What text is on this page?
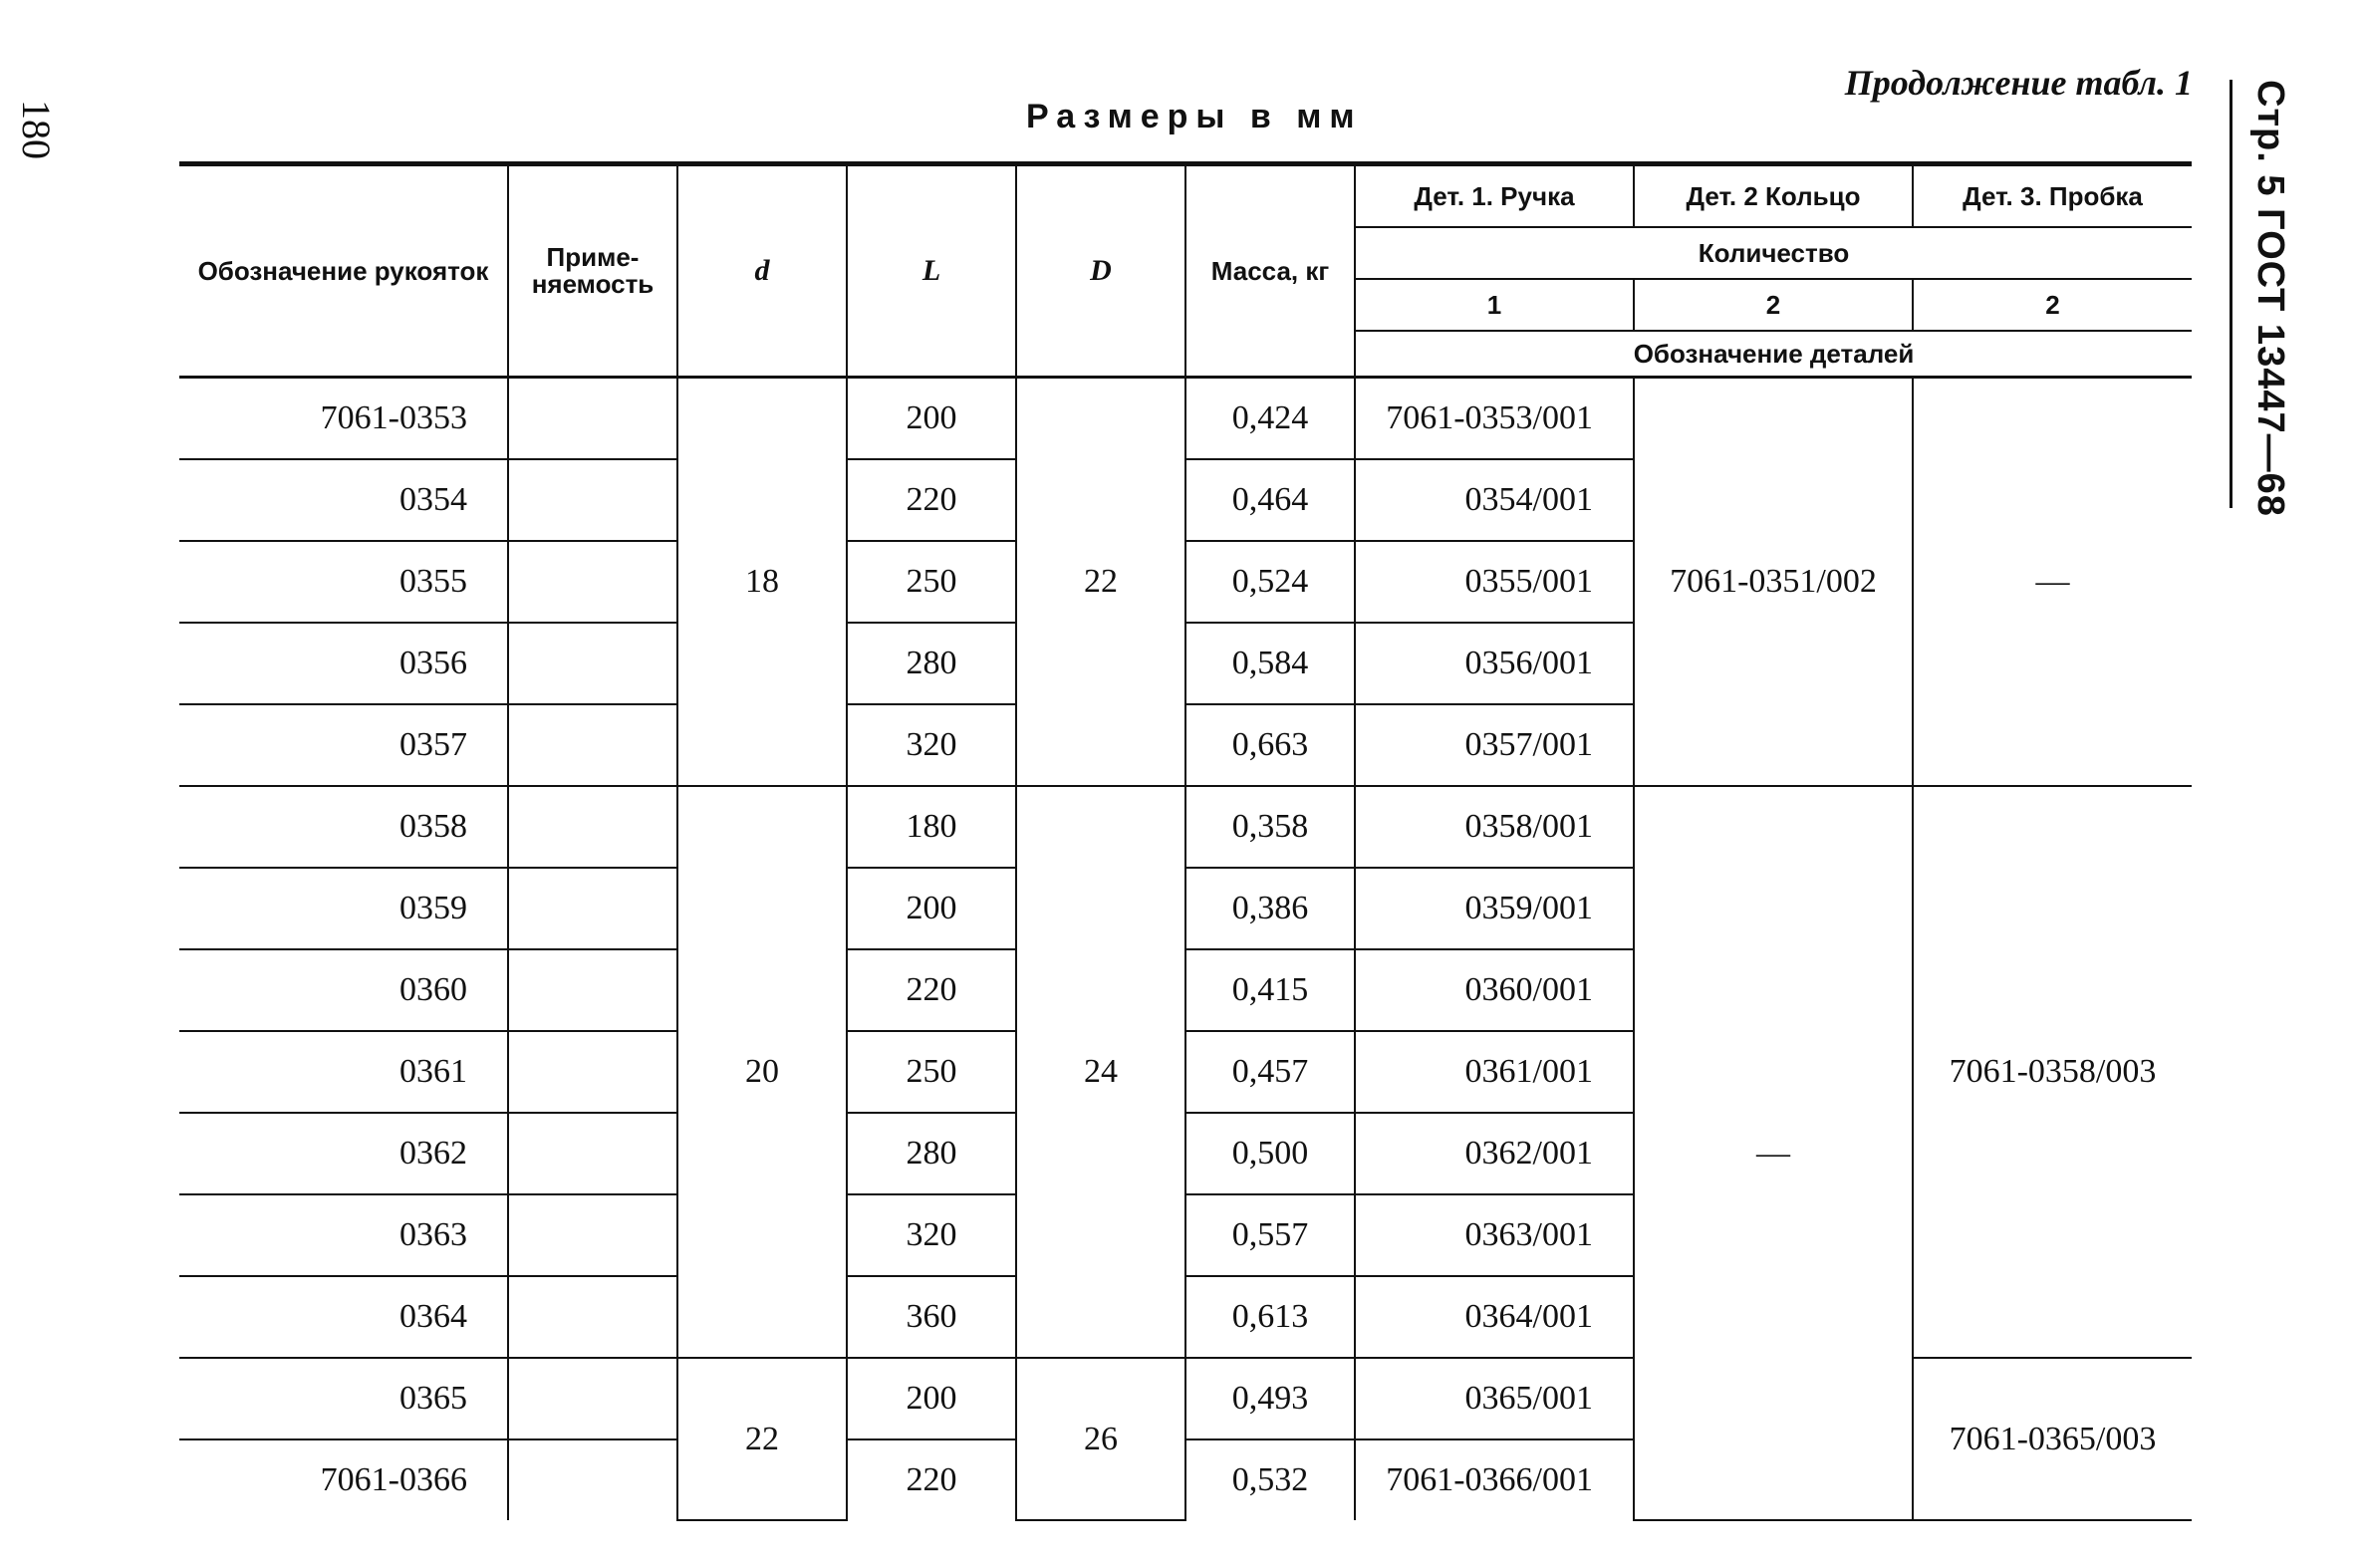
180	Стр. 5 ГОСТ 13447—68
Продолжение табл. 1
Размеры в мм
Обозначение рукояток	Приме- няемость	d	L	D	Масса, кг	Дет. 1. Ручка	Дет. 2 Кольцо	Дет. 3. Пробка
						Количество		
						1	2	2
						Обозначение деталей		
7061-0353		18	200	22	0,424	7061-0353/001	7061-0351/002	—
0354			220		0,464	0354/001		
0355			250		0,524	0355/001		
0356			280		0,584	0356/001		
0357			320		0,663	0357/001		
0358		20	180	24	0,358	0358/001	—	7061-0358/003
0359			200		0,386	0359/001		
0360			220		0,415	0360/001		
0361			250		0,457	0361/001		
0362			280		0,500	0362/001		
0363			320		0,557	0363/001		
0364			360		0,613	0364/001		
0365		22	200	26	0,493	0365/001		7061-0365/003
7061-0366			220		0,532	7061-0366/001		
